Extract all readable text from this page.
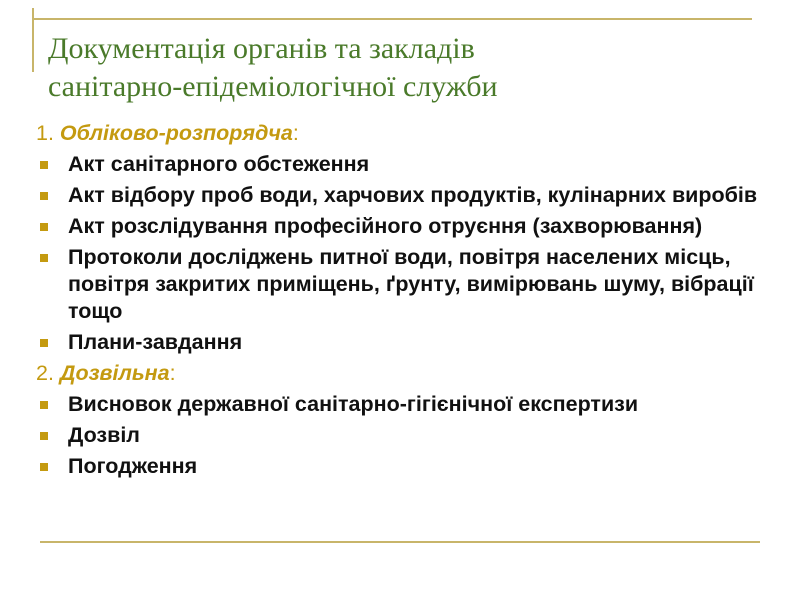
Документація органів та закладів
санітарно-епідеміологічної служби
1. Обліково-розпорядча:
Акт санітарного обстеження
Акт відбору проб води, харчових продуктів, кулінарних виробів
Акт розслідування професійного отруєння (захворювання)
Протоколи досліджень питної води, повітря населених місць, повітря закритих приміщень, ґрунту, вимірювань шуму, вібрації тощо
Плани-завдання
2. Дозвільна:
Висновок державної санітарно-гігієнічної експертизи
Дозвіл
Погодження
